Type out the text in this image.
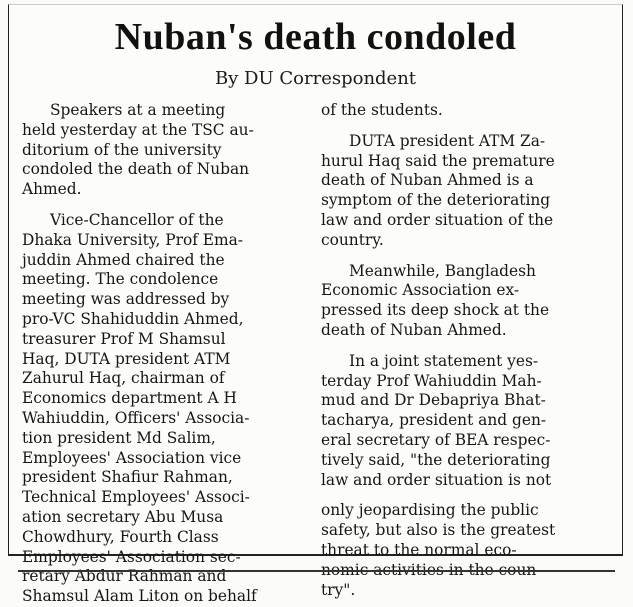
Nuban's death condoled
By DU Correspondent

Speakers at a meeting
held yesterday at the TSC au-
ditorium of the university
condoled the death of Nuban
Ahmed.

Vice-Chancellor of the
Dhaka University, Prof Ema-
juddin Ahmed chaired the
meeting. The condolence
meeting was addressed by
pro-VC Shahiduddin Ahmed,
treasurer Prof M Shamsul
Haq, DUTA president ATM
Zahurul Haq, chairman of
Economics department A H
Wahiuddin, Officers' Associa-
tion president Md Salim,
Employees' Association vice
president Shafiur Rahman,
Technical Employees' Associ-
ation secretary Abu Musa
Chowdhury, Fourth Class
Employees' Association sec-
retary Abdur Rahman and
Shamsul Alam Liton on behalf

of the students.

DUTA president ATM Za-
hurul Haq said the premature
death of Nuban Ahmed is a
symptom of the deteriorating
law and order situation of the
country.

Meanwhile, Bangladesh
Economic Association ex-
pressed its deep shock at the
death of Nuban Ahmed.

In a joint statement yes-
terday Prof Wahiuddin Mah-
mud and Dr Debapriya Bhat-
tacharya, president and gen-
eral secretary of BEA respec-
tively said, "the deteriorating
law and order situation is not

only jeopardising the public
safety, but also is the greatest
threat to the normal eco-
nomic activities in the coun-
try".
